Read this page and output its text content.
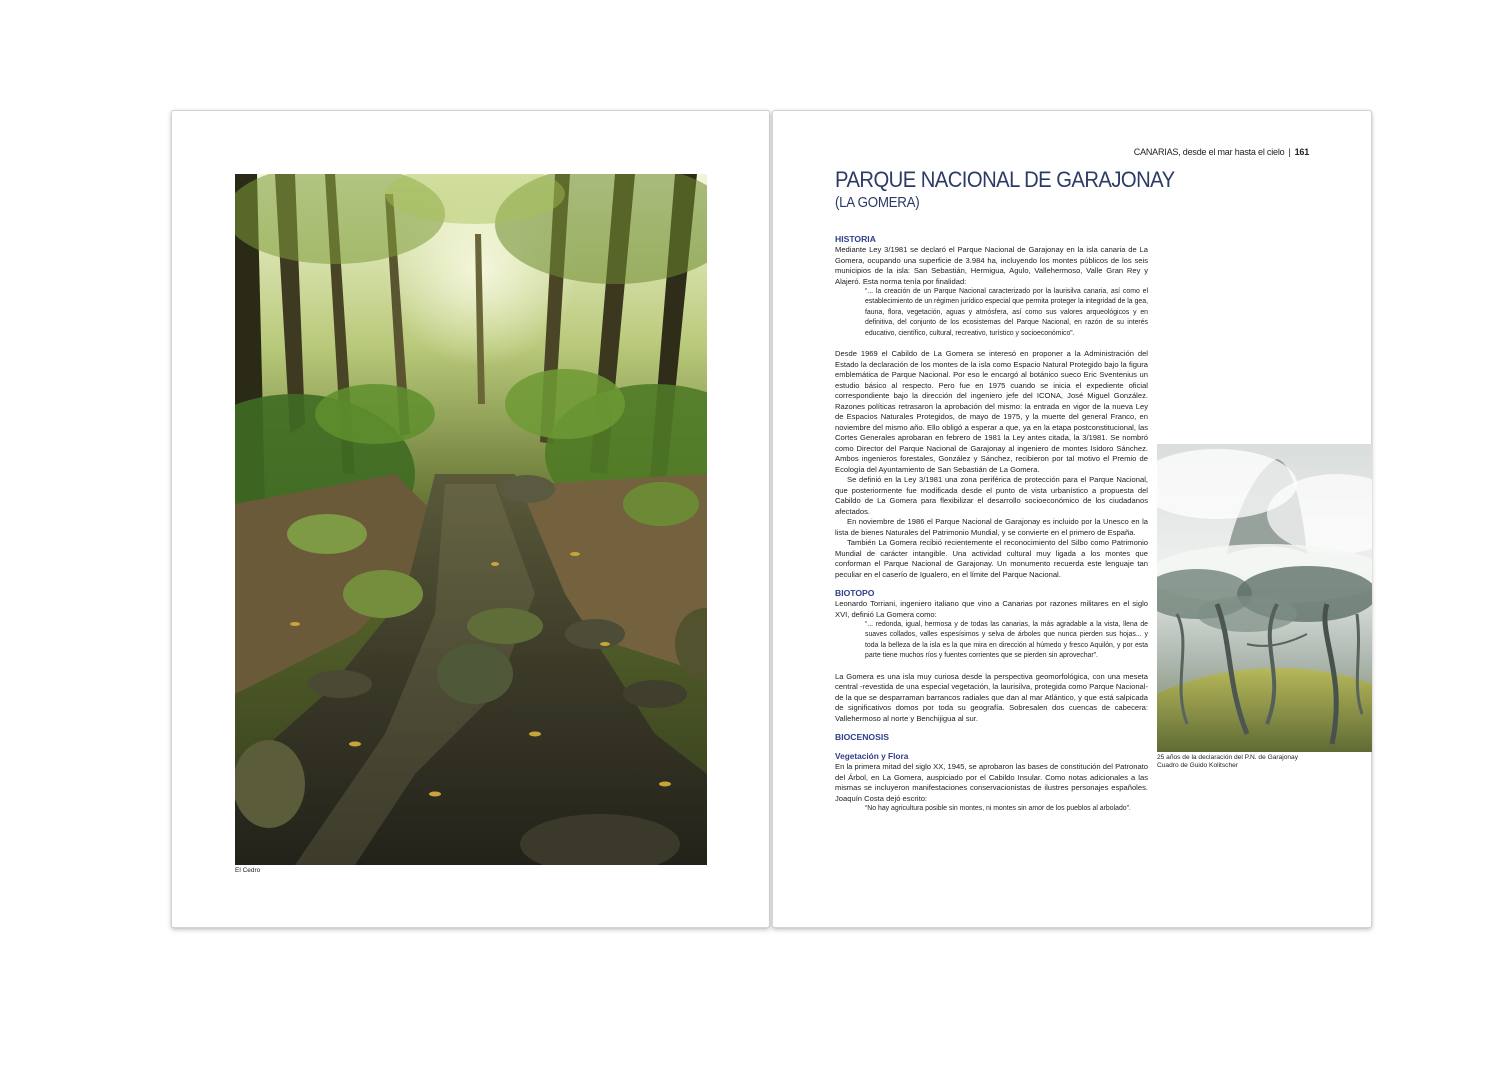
El Cedro
CANARIAS, desde el mar hasta el cielo | 161
PARQUE NACIONAL DE GARAJONAY
(LA GOMERA)
HISTORIA

Mediante Ley 3/1981 se declaró el Parque Nacional de Garajonay en la isla canaria de La Gomera, ocupando una superficie de 3.984 ha, incluyendo los montes públicos de los seis municipios de la isla: San Sebastián, Hermigua, Agulo, Vallehermoso, Valle Gran Rey y Alajeró. Esta norma tenía por finalidad:

“... la creación de un Parque Nacional caracterizado por la laurisilva canaria, así como el establecimiento de un régimen jurídico especial que permita proteger la integridad de la gea, fauna, flora, vegetación, aguas y atmósfera, así como sus valores arqueológicos y en definitiva, del conjunto de los ecosistemas del Parque Nacional, en razón de su interés educativo, científico, cultural, recreativo, turístico y socioeconómico”.

Desde 1969 el Cabildo de La Gomera se interesó en proponer a la Administración del Estado la declaración de los montes de la isla como Espacio Natural Protegido bajo la figura emblemática de Parque Nacional. Por eso le encargó al botánico sueco Eric Sventenius un estudio básico al respecto. Pero fue en 1975 cuando se inicia el expediente oficial correspondiente bajo la dirección del ingeniero jefe del ICONA, José Miguel González. Razones políticas retrasaron la aprobación del mismo: la entrada en vigor de la nueva Ley de Espacios Naturales Protegidos, de mayo de 1975, y la muerte del general Franco, en noviembre del mismo año. Ello obligó a esperar a que, ya en la etapa postconstitucional, las Cortes Generales aprobaran en febrero de 1981 la Ley antes citada, la 3/1981. Se nombró como Director del Parque Nacional de Garajonay al ingeniero de montes Isidoro Sánchez. Ambos ingenieros forestales, González y Sánchez, recibieron por tal motivo el Premio de Ecología del Ayuntamiento de San Sebastián de La Gomera.

Se definió en la Ley 3/1981 una zona periférica de protección para el Parque Nacional, que posteriormente fue modificada desde el punto de vista urbanístico a propuesta del Cabildo de La Gomera para flexibilizar el desarrollo socioeconómico de los ciudadanos afectados.

En noviembre de 1986 el Parque Nacional de Garajonay es incluido por la Unesco en la lista de bienes Naturales del Patrimonio Mundial, y se convierte en el primero de España.

También La Gomera recibió recientemente el reconocimiento del Silbo como Patrimonio Mundial de carácter intangible. Una actividad cultural muy ligada a los montes que conforman el Parque Nacional de Garajonay. Un monumento recuerda este lenguaje tan peculiar en el caserío de Igualero, en el límite del Parque Nacional.

BIOTOPO

Leonardo Torriani, ingeniero italiano que vino a Canarias por razones militares en el siglo XVI, definió La Gomera como:

“... redonda, igual, hermosa y de todas las canarias, la más agradable a la vista, llena de suaves collados, valles espesísimos y selva de árboles que nunca pierden sus hojas... y toda la belleza de la isla es la que mira en dirección al húmedo y fresco Aquilón, y por esta parte tiene muchos ríos y fuentes corrientes que se pierden sin aprovechar”.

La Gomera es una isla muy curiosa desde la perspectiva geomorfológica, con una meseta central -revestida de una especial vegetación, la laurisilva, protegida como Parque Nacional- de la que se desparraman barrancos radiales que dan al mar Atlántico, y que está salpicada de significativos domos por toda su geografía. Sobresalen dos cuencas de cabecera: Vallehermoso al norte y Benchijigua al sur.

BIOCENOSIS
Vegetación y Flora

En la primera mitad del siglo XX, 1945, se aprobaron las bases de constitución del Patronato del Árbol, en La Gomera, auspiciado por el Cabildo Insular. Como notas adicionales a las mismas se incluyeron manifestaciones conservacionistas de ilustres personajes españoles. Joaquín Costa dejó escrito:

“No hay agricultura posible sin montes, ni montes sin amor de los pueblos al arbolado”.
25 años de la declaración del P.N. de Garajonay
Cuadro de Guido Kolitscher
